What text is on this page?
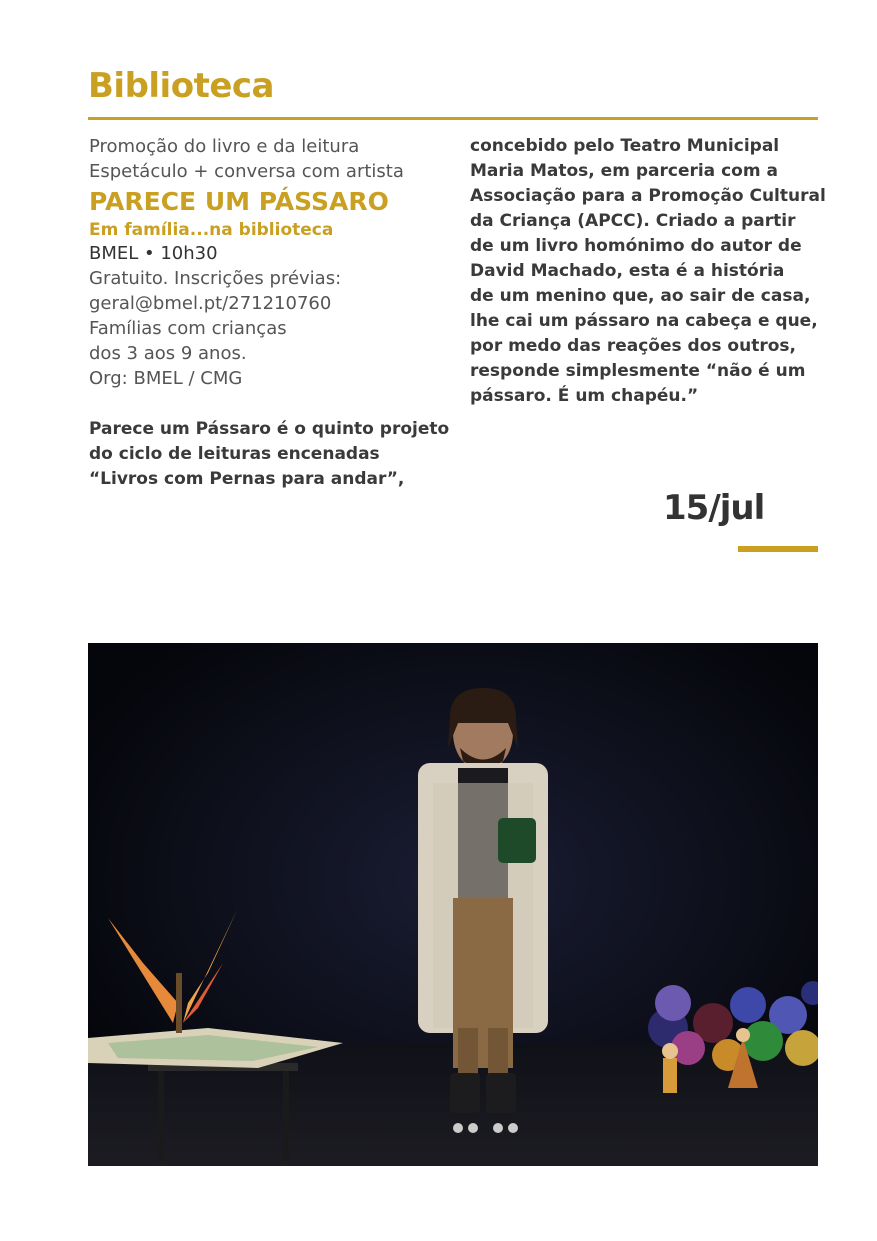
Biblioteca
Promoção do livro e da leitura
Espetáculo + conversa com artista
PARECE UM PÁSSARO
Em família...na biblioteca
BMEL • 10h30
Gratuito. Inscrições prévias:
geral@bmel.pt/271210760
Famílias com crianças
dos 3 aos 9 anos.
Org: BMEL / CMG
Parece um Pássaro é o quinto projeto
do ciclo de leituras encenadas
“Livros com Pernas para andar”,
concebido pelo Teatro Municipal
Maria Matos, em parceria com a
Associação para a Promoção Cultural
da Criança (APCC). Criado a partir
de um livro homónimo do autor de
David Machado, esta é a história
de um menino que, ao sair de casa,
lhe cai um pássaro na cabeça e que,
por medo das reações dos outros,
responde simplesmente “não é um
pássaro. É um chapéu.”
15/jul
